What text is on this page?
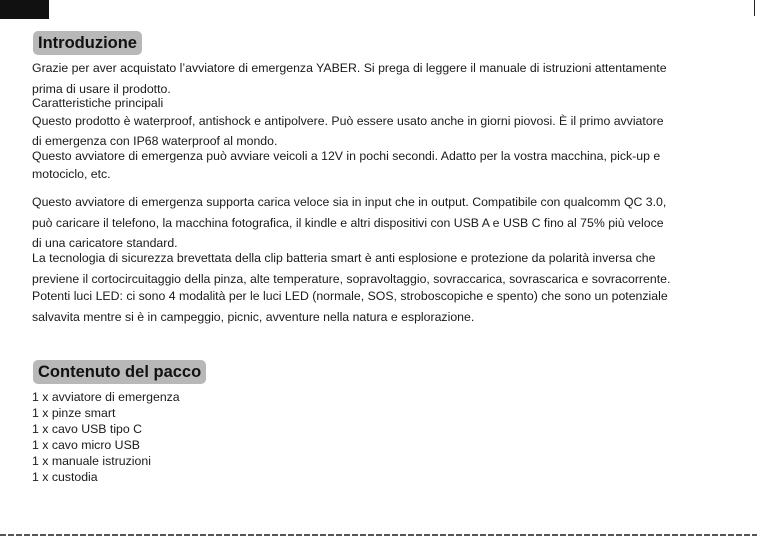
Introduzione
Grazie per aver acquistato l’avviatore di emergenza YABER. Si prega di leggere il manuale di istruzioni attentamente
prima di usare il prodotto.
Caratteristiche principali
Questo prodotto è waterproof, antishock e antipolvere. Può essere usato anche in giorni piovosi. È il primo avviatore
di emergenza con IP68 waterproof al mondo.
Questo avviatore di emergenza può avviare veicoli a 12V in pochi secondi. Adatto per la vostra macchina, pick-up e
motociclo, etc.
Questo avviatore di emergenza supporta carica veloce sia in input che in output. Compatibile con qualcomm QC 3.0,
può caricare il telefono, la macchina fotografica, il kindle e altri dispositivi con USB A e USB C fino al 75% più veloce
di una caricatore standard.
La tecnologia di sicurezza brevettata della clip batteria smart è anti esplosione e protezione da polarità inversa che
previene il cortocircuitaggio della pinza, alte temperature, sopravoltaggio, sovraccarica, sovrascarica e sovracorrente.
Potenti luci LED: ci sono 4 modalità per le luci LED (normale, SOS, stroboscopiche e spento) che sono un potenziale
salvavita mentre si è in campeggio, picnic, avventure nella natura e esplorazione.
Contenuto del pacco
1 x avviatore di emergenza
1 x pinze smart
1 x cavo USB tipo C
1 x cavo micro USB
1 x manuale istruzioni
1 x custodia
